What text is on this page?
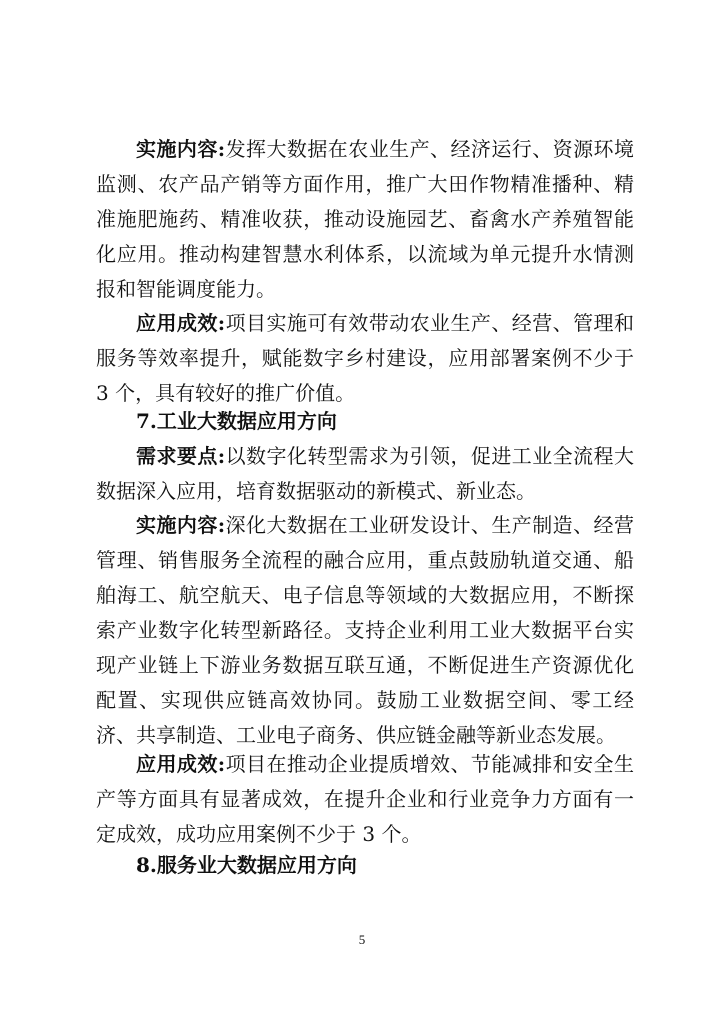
实施内容:发挥大数据在农业生产、经济运行、资源环境监测、农产品产销等方面作用，推广大田作物精准播种、精准施肥施药、精准收获，推动设施园艺、畜禽水产养殖智能化应用。推动构建智慧水利体系，以流域为单元提升水情测报和智能调度能力。

应用成效:项目实施可有效带动农业生产、经营、管理和服务等效率提升，赋能数字乡村建设，应用部署案例不少于 3 个，具有较好的推广价值。

7.工业大数据应用方向

需求要点:以数字化转型需求为引领，促进工业全流程大数据深入应用，培育数据驱动的新模式、新业态。

实施内容:深化大数据在工业研发设计、生产制造、经营管理、销售服务全流程的融合应用，重点鼓励轨道交通、船舶海工、航空航天、电子信息等领域的大数据应用，不断探索产业数字化转型新路径。支持企业利用工业大数据平台实现产业链上下游业务数据互联互通，不断促进生产资源优化配置、实现供应链高效协同。鼓励工业数据空间、零工经济、共享制造、工业电子商务、供应链金融等新业态发展。

应用成效:项目在推动企业提质增效、节能减排和安全生产等方面具有显著成效，在提升企业和行业竞争力方面有一定成效，成功应用案例不少于 3 个。

8.服务业大数据应用方向

5
